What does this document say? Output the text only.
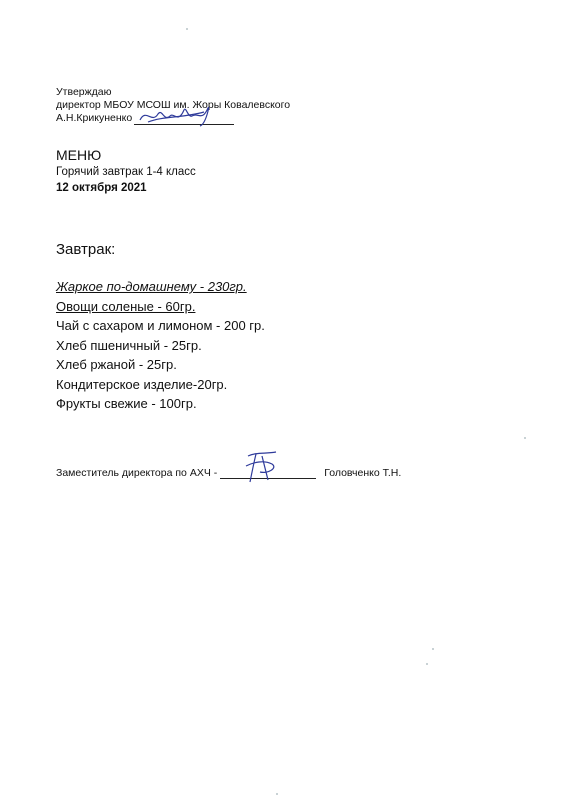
Утверждаю
директор МБОУ МСОШ им. Жоры Ковалевского
А.Н.Крикуненко
МЕНЮ
Горячий завтрак 1-4 класс
12 октября 2021
Завтрак:
Жаркое по-домашнему - 230гр.
Овощи соленые - 60гр.
Чай с сахаром и лимоном - 200 гр.
Хлеб пшеничный - 25гр.
Хлеб ржаной - 25гр.
Кондитерское изделие-20гр.
Фрукты свежие - 100гр.
Заместитель директора по АХЧ -	Головченко Т.Н.
